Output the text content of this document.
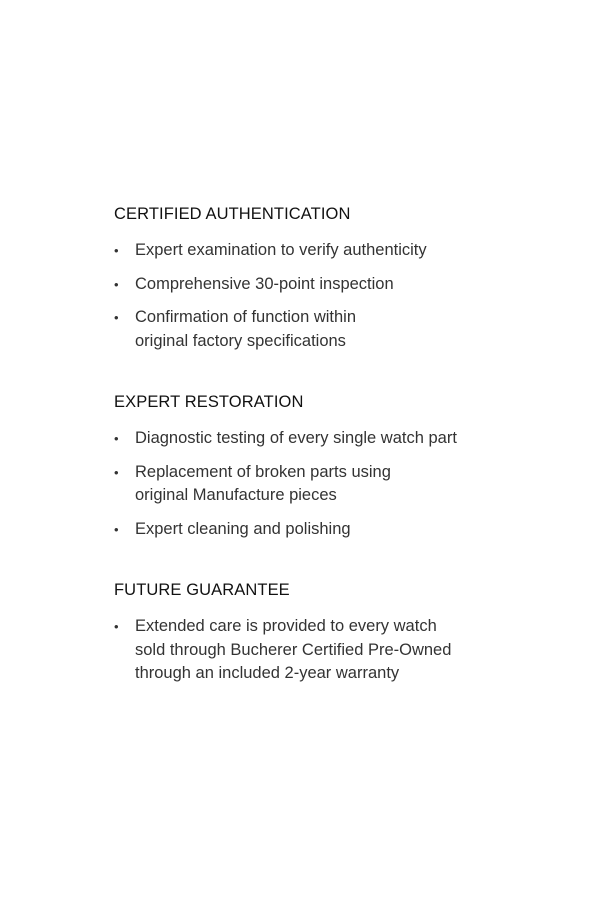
CERTIFIED AUTHENTICATION
• Expert examination to verify authenticity
• Comprehensive 30-point inspection
• Confirmation of function within
original factory specifications
EXPERT RESTORATION
• Diagnostic testing of every single watch part
• Replacement of broken parts using
original Manufacture pieces
• Expert cleaning and polishing
FUTURE GUARANTEE
• Extended care is provided to every watch
sold through Bucherer Certified Pre-Owned
through an included 2-year warranty
